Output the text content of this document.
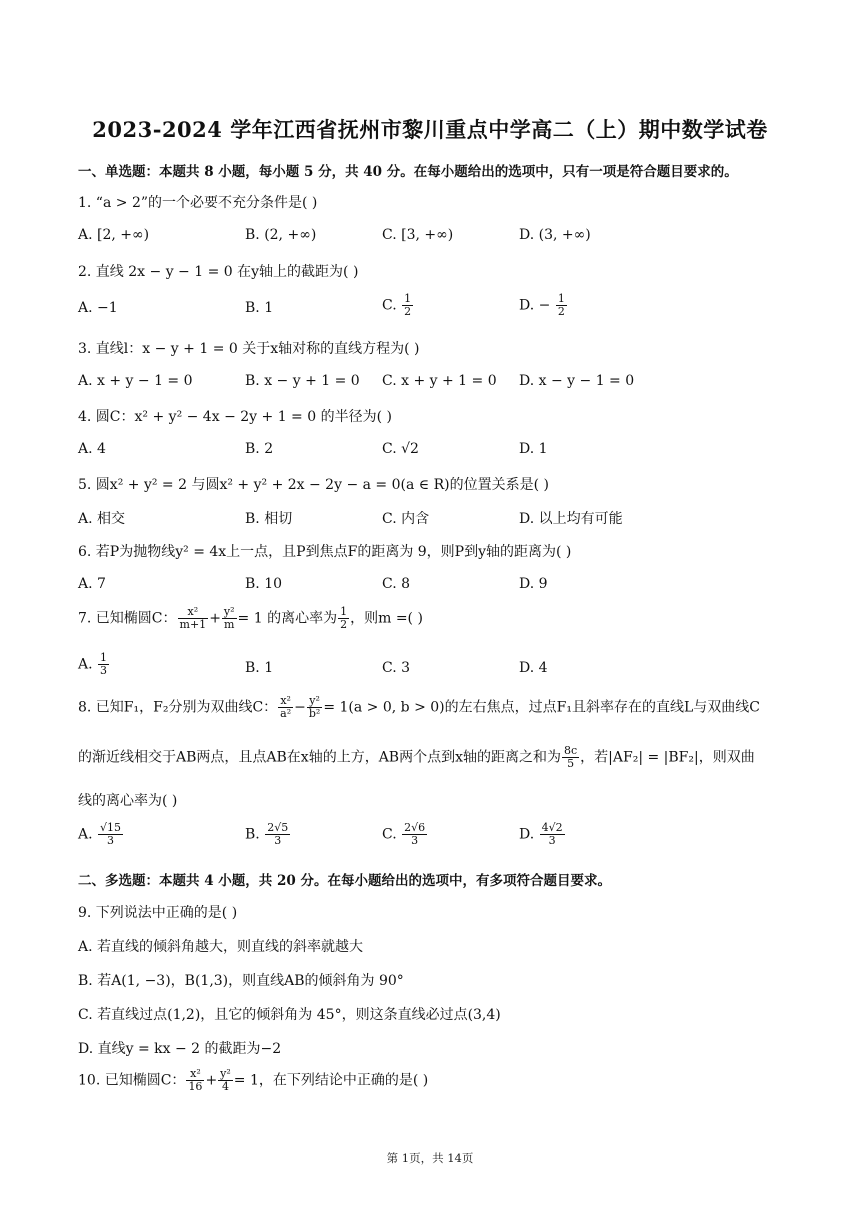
2023-2024 学年江西省抚州市黎川重点中学高二（上）期中数学试卷
一、单选题：本题共 8 小题，每小题 5 分，共 40 分。在每小题给出的选项中，只有一项是符合题目要求的。
1. “a > 2”的一个必要不充分条件是( )
A. [2, +∞)	B. (2, +∞)	C. [3, +∞)	D. (3, +∞)
2. 直线 2x − y − 1 = 0 在y轴上的截距为( )
A. −1	B. 1	C. $\frac{1}{2}$	D. − $\frac{1}{2}$
3. 直线l：x − y + 1 = 0 关于x轴对称的直线方程为( )
A. x + y − 1 = 0	B. x − y + 1 = 0 C. x + y + 1 = 0 D. x − y − 1 = 0
4. 圆C：x² + y² − 4x − 2y + 1 = 0 的半径为( )
A. 4	B. 2	C. √2	D. 1
5. 圆x² + y² = 2 与圆x² + y² + 2x − 2y − a = 0(a ∈ R)的位置关系是( )
A. 相交	B. 相切	C. 内含	D. 以上均有可能
6. 若P为抛物线y² = 4x上一点，且P到焦点F的距离为 9，则P到y轴的距离为( )
A. 7	B. 10	C. 8	D. 9
7. 已知椭圆C： $\frac{\text{x²}}{m+1} + \frac{\text{y²}}{m} = 1$ 的离心率为 $\frac{1}{2}$ ，则m =( )
A. $\frac{1}{3}$	B. 1	C. 3	D. 4
8. 已知F₁，F₂分别为双曲线C： $\frac{\text{x²}}{\text{a²}} - \frac{\text{y²}}{\text{b²}} = 1(a > 0$, b > 0)的左右焦点，过点F₁且斜率存在的直线L与双曲线C
的渐近线相交于AB两点，且点AB在x轴的上方，AB两个点到x轴的距离之和为 $\frac{8c}{5}$ ，若|AF₂| = |BF₂|，则双曲
线的离心率为( )
A. $\frac{√15}{3}$	B. $\frac{2√5}{3}$	C. $\frac{2√6}{3}$	D. $\frac{4√2}{3}$
二、多选题：本题共 4 小题，共 20 分。在每小题给出的选项中，有多项符合题目要求。
9. 下列说法中正确的是( )
A. 若直线的倾斜角越大，则直线的斜率就越大
B. 若A(1, −3)，B(1,3)，则直线AB的倾斜角为 90°
C. 若直线过点(1,2)，且它的倾斜角为 45°，则这条直线必过点(3,4)
D. 直线y = kx − 2 的截距为−2
10. 已知椭圆C： $\frac{\text{x²}}{16} + \frac{\text{y²}}{4} = 1$，在下列结论中正确的是( )
第 1页，共 14页
